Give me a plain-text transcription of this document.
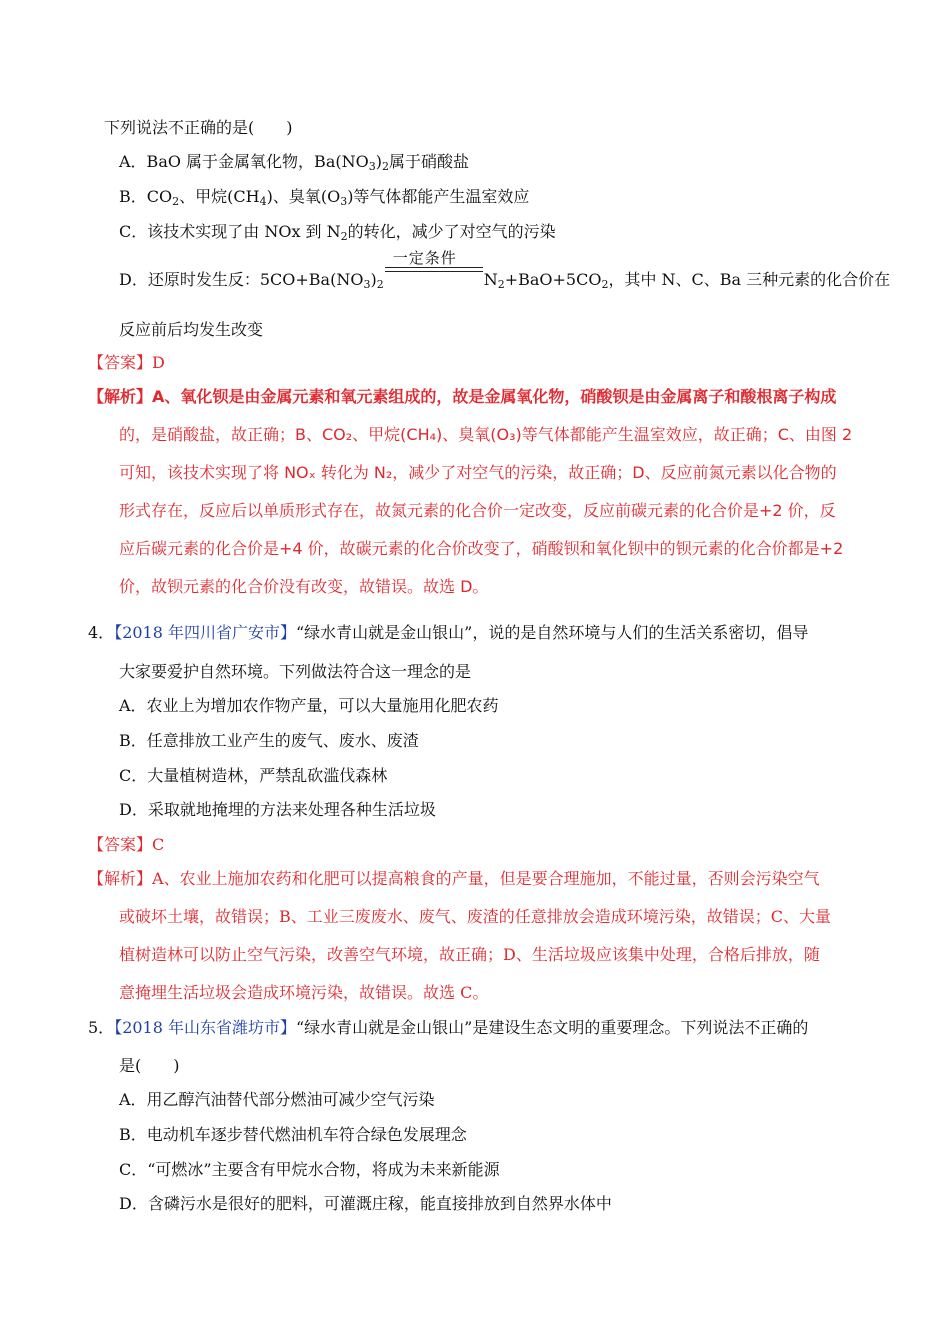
下列说法不正确的是(　　)
A．BaO 属于金属氧化物，$Ba(NO_3)_2$属于硝酸盐
B．$CO_2$、甲烷$(CH_4)$、臭氧$(O_3)$等气体都能产生温室效应
C．该技术实现了由 NOx 到 $N_2$的转化，减少了对空气的污染
D．还原时发生反：$5CO+Ba(NO_3)_2$
一定条件
$N_2+BaO+5CO_2$，其中 N、C、Ba 三种元素的化合价在
反应前后均发生改变
【答案】D
【解析】A、氧化钡是由金属元素和氧元素组成的，故是金属氧化物，硝酸钡是由金属离子和酸根离子构成
的，是硝酸盐，故正确；B、CO₂、甲烷(CH₄)、臭氧(O₃)等气体都能产生温室效应，故正确；C、由图 2
可知，该技术实现了将 NOₓ 转化为 N₂，减少了对空气的污染，故正确；D、反应前氮元素以化合物的
形式存在，反应后以单质形式存在，故氮元素的化合价一定改变，反应前碳元素的化合价是+2 价，反
应后碳元素的化合价是+4 价，故碳元素的化合价改变了，硝酸钡和氧化钡中的钡元素的化合价都是+2
价，故钡元素的化合价没有改变，故错误。故选 D。
4．【2018 年四川省广安市】“绿水青山就是金山银山”，说的是自然环境与人们的生活关系密切，倡导
大家要爱护自然环境。下列做法符合这一理念的是
A．农业上为增加农作物产量，可以大量施用化肥农药
B．任意排放工业产生的废气、废水、废渣
C．大量植树造林，严禁乱砍滥伐森林
D．采取就地掩埋的方法来处理各种生活垃圾
【答案】C
【解析】A、农业上施加农药和化肥可以提高粮食的产量，但是要合理施加，不能过量，否则会污染空气
或破坏土壤，故错误；B、工业三废废水、废气、废渣的任意排放会造成环境污染，故错误；C、大量
植树造林可以防止空气污染，改善空气环境，故正确；D、生活垃圾应该集中处理，合格后排放，随
意掩埋生活垃圾会造成环境污染，故错误。故选 C。
5．【2018 年山东省潍坊市】“绿水青山就是金山银山”是建设生态文明的重要理念。下列说法不正确的
是(　　)
A．用乙醇汽油替代部分燃油可减少空气污染
B．电动机车逐步替代燃油机车符合绿色发展理念
C．“可燃冰”主要含有甲烷水合物，将成为未来新能源
D．含磷污水是很好的肥料，可灌溉庄稼，能直接排放到自然界水体中
